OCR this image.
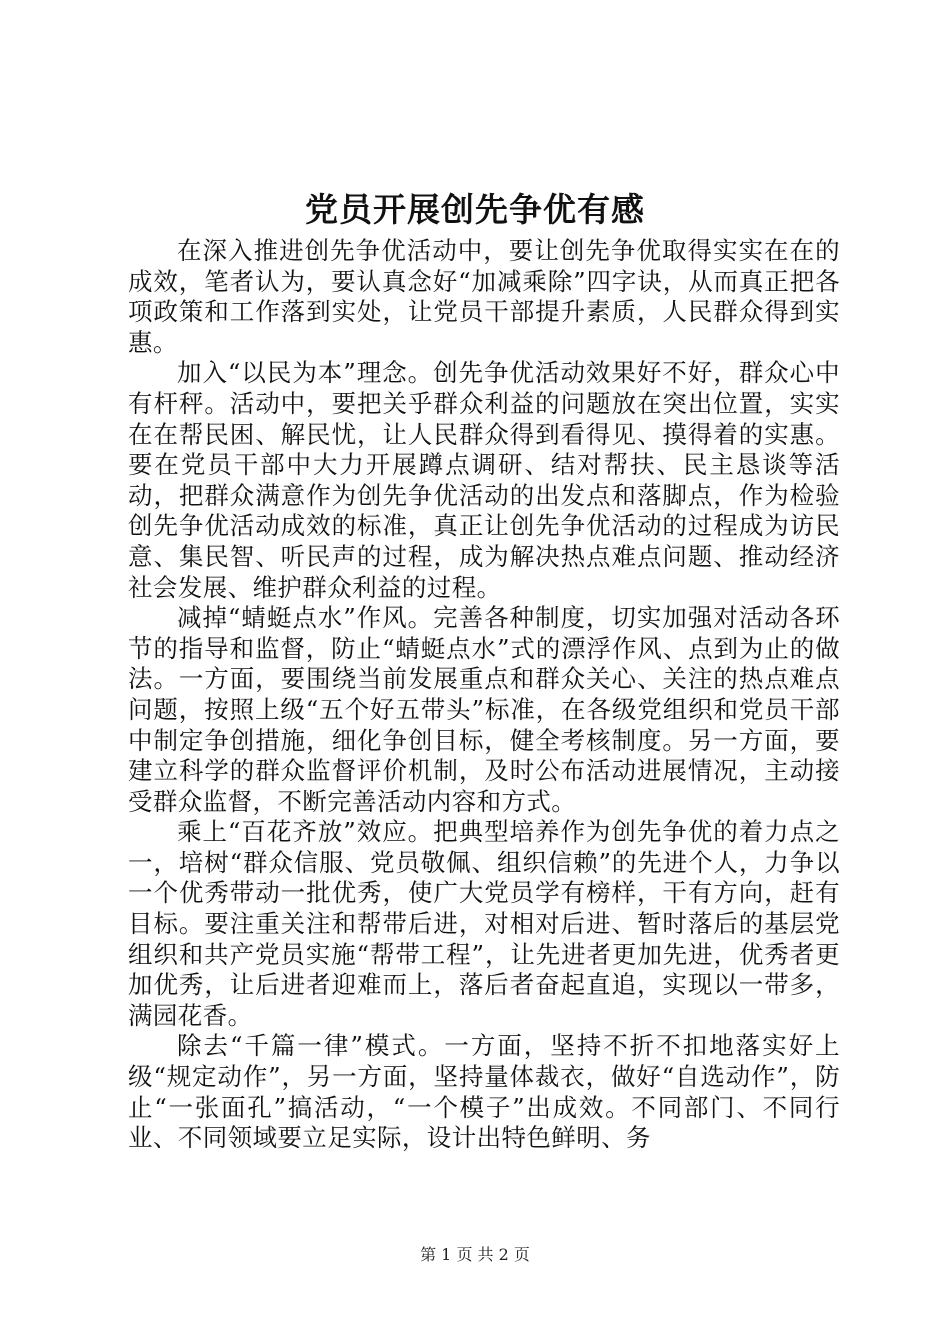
党员开展创先争优有感

在深入推进创先争优活动中，要让创先争优取得实实在在的成效，笔者认为，要认真念好“加减乘除”四字诀，从而真正把各项政策和工作落到实处，让党员干部提升素质，人民群众得到实惠。

加入“以民为本”理念。创先争优活动效果好不好，群众心中有杆秤。活动中，要把关乎群众利益的问题放在突出位置，实实在在帮民困、解民忧，让人民群众得到看得见、摸得着的实惠。要在党员干部中大力开展蹲点调研、结对帮扶、民主恳谈等活动，把群众满意作为创先争优活动的出发点和落脚点，作为检验创先争优活动成效的标准，真正让创先争优活动的过程成为访民意、集民智、听民声的过程，成为解决热点难点问题、推动经济社会发展、维护群众利益的过程。

减掉“蜻蜓点水”作风。完善各种制度，切实加强对活动各环节的指导和监督，防止“蜻蜓点水”式的漂浮作风、点到为止的做法。一方面，要围绕当前发展重点和群众关心、关注的热点难点问题，按照上级“五个好五带头”标准，在各级党组织和党员干部中制定争创措施，细化争创目标，健全考核制度。另一方面，要建立科学的群众监督评价机制，及时公布活动进展情况，主动接受群众监督，不断完善活动内容和方式。

乘上“百花齐放”效应。把典型培养作为创先争优的着力点之一，培树“群众信服、党员敬佩、组织信赖”的先进个人，力争以一个优秀带动一批优秀，使广大党员学有榜样，干有方向，赶有目标。要注重关注和帮带后进，对相对后进、暂时落后的基层党组织和共产党员实施“帮带工程”，让先进者更加先进，优秀者更加优秀，让后进者迎难而上，落后者奋起直追，实现以一带多，满园花香。

除去“千篇一律”模式。一方面，坚持不折不扣地落实好上级“规定动作”，另一方面，坚持量体裁衣，做好“自选动作”，防止“一张面孔”搞活动，“一个模子”出成效。不同部门、不同行业、不同领域要立足实际，设计出特色鲜明、务

第 1 页 共 2 页
